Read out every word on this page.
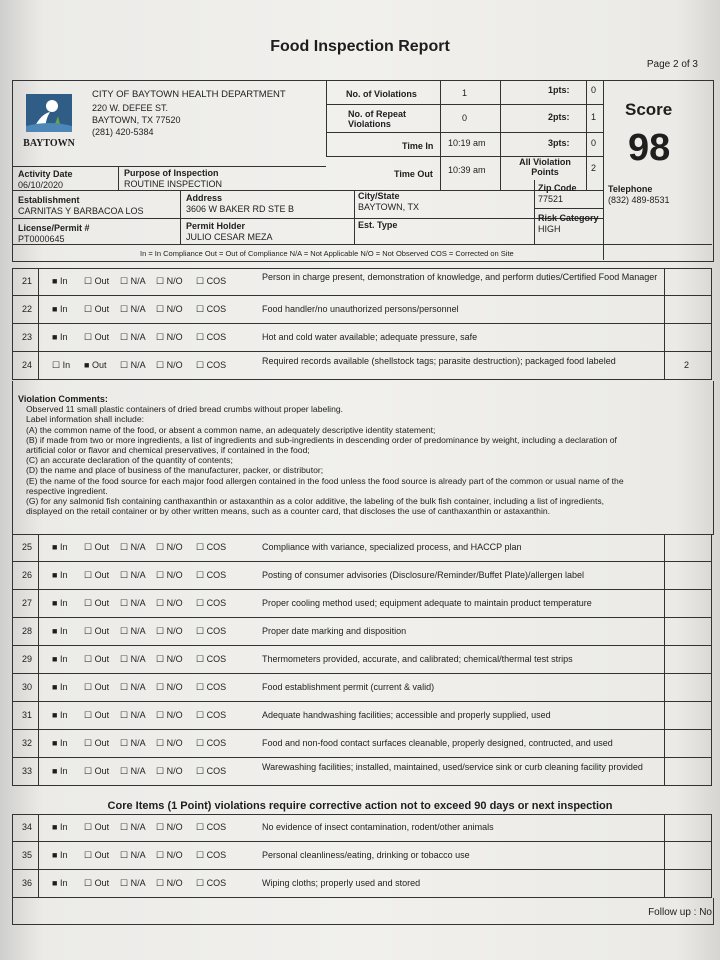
Food Inspection Report
Page 2 of 3
BAYTOWN
CITY OF BAYTOWN HEALTH DEPARTMENT
220 W. DEFEE ST.
BAYTOWN, TX 77520
(281) 420-5384
No. of Violations	1
No. of Repeat Violations
0
Time In 10:19 am
Time Out 10:39 am
1pts: 0
2pts: 1
3pts: 0
All Violation Points	2
Score
98
Activity Date
06/10/2020
Purpose of Inspection
ROUTINE INSPECTION
Establishment
CARNITAS Y BARBACOA LOS
Address
3606 W BAKER RD STE B
City/State
BAYTOWN, TX
Zip Code
77521
Telephone
(832) 489-8531
License/Permit #
PT0000645
Permit Holder
JULIO CESAR MEZA
Est. Type
Risk Category
HIGH
In = In Compliance Out = Out of Compliance N/A = Not Applicable N/O = Not Observed COS = Corrected on Site
21	■ In ☐ Out ☐ N/A ☐ N/O ☐ COS	Person in charge present, demonstration of knowledge, and perform duties/Certified Food Manager
22	■ In ☐ Out ☐ N/A ☐ N/O ☐ COS	Food handler/no unauthorized persons/personnel
23	■ In ☐ Out ☐ N/A ☐ N/O ☐ COS	Hot and cold water available; adequate pressure, safe
24	☐ In ■ Out ☐ N/A ☐ N/O ☐ COS	Required records available (shellstock tags; parasite destruction); packaged food labeled	2
Violation Comments:
Observed 11 small plastic containers of dried bread crumbs without proper labeling.
Label information shall include:
(A) the common name of the food, or absent a common name, an adequately descriptive identity statement;
(B) if made from two or more ingredients, a list of ingredients and sub-ingredients in descending order of predominance by weight, including a declaration of
artificial color or flavor and chemical preservatives, if contained in the food;
(C) an accurate declaration of the quantity of contents;
(D) the name and place of business of the manufacturer, packer, or distributor;
(E) the name of the food source for each major food allergen contained in the food unless the food source is already part of the common or usual name of the
respective ingredient.
(G) for any salmonid fish containing canthaxanthin or astaxanthin as a color additive, the labeling of the bulk fish container, including a list of ingredients,
displayed on the retail container or by other written means, such as a counter card, that discloses the use of canthaxanthin or astaxanthin.
25	■ In ☐ Out ☐ N/A ☐ N/O ☐ COS	Compliance with variance, specialized process, and HACCP plan
26	■ In ☐ Out ☐ N/A ☐ N/O ☐ COS	Posting of consumer advisories (Disclosure/Reminder/Buffet Plate)/allergen label
27	■ In ☐ Out ☐ N/A ☐ N/O ☐ COS	Proper cooling method used; equipment adequate to maintain product temperature
28	■ In ☐ Out ☐ N/A ☐ N/O ☐ COS	Proper date marking and disposition
29	■ In ☐ Out ☐ N/A ☐ N/O ☐ COS	Thermometers provided, accurate, and calibrated; chemical/thermal test strips
30	■ In ☐ Out ☐ N/A ☐ N/O ☐ COS	Food establishment permit (current & valid)
31	■ In ☐ Out ☐ N/A ☐ N/O ☐ COS	Adequate handwashing facilities; accessible and properly supplied, used
32	■ In ☐ Out ☐ N/A ☐ N/O ☐ COS	Food and non-food contact surfaces cleanable, properly designed, contructed, and used
33	■ In ☐ Out ☐ N/A ☐ N/O ☐ COS	Warewashing facilities; installed, maintained, used/service sink or curb cleaning facility provided
Core Items (1 Point) violations require corrective action not to exceed 90 days or next inspection
34	■ In ☐ Out ☐ N/A ☐ N/O ☐ COS	No evidence of insect contamination, rodent/other animals
35	■ In ☐ Out ☐ N/A ☐ N/O ☐ COS	Personal cleanliness/eating, drinking or tobacco use
36	■ In ☐ Out ☐ N/A ☐ N/O ☐ COS	Wiping cloths; properly used and stored
Follow up : No
